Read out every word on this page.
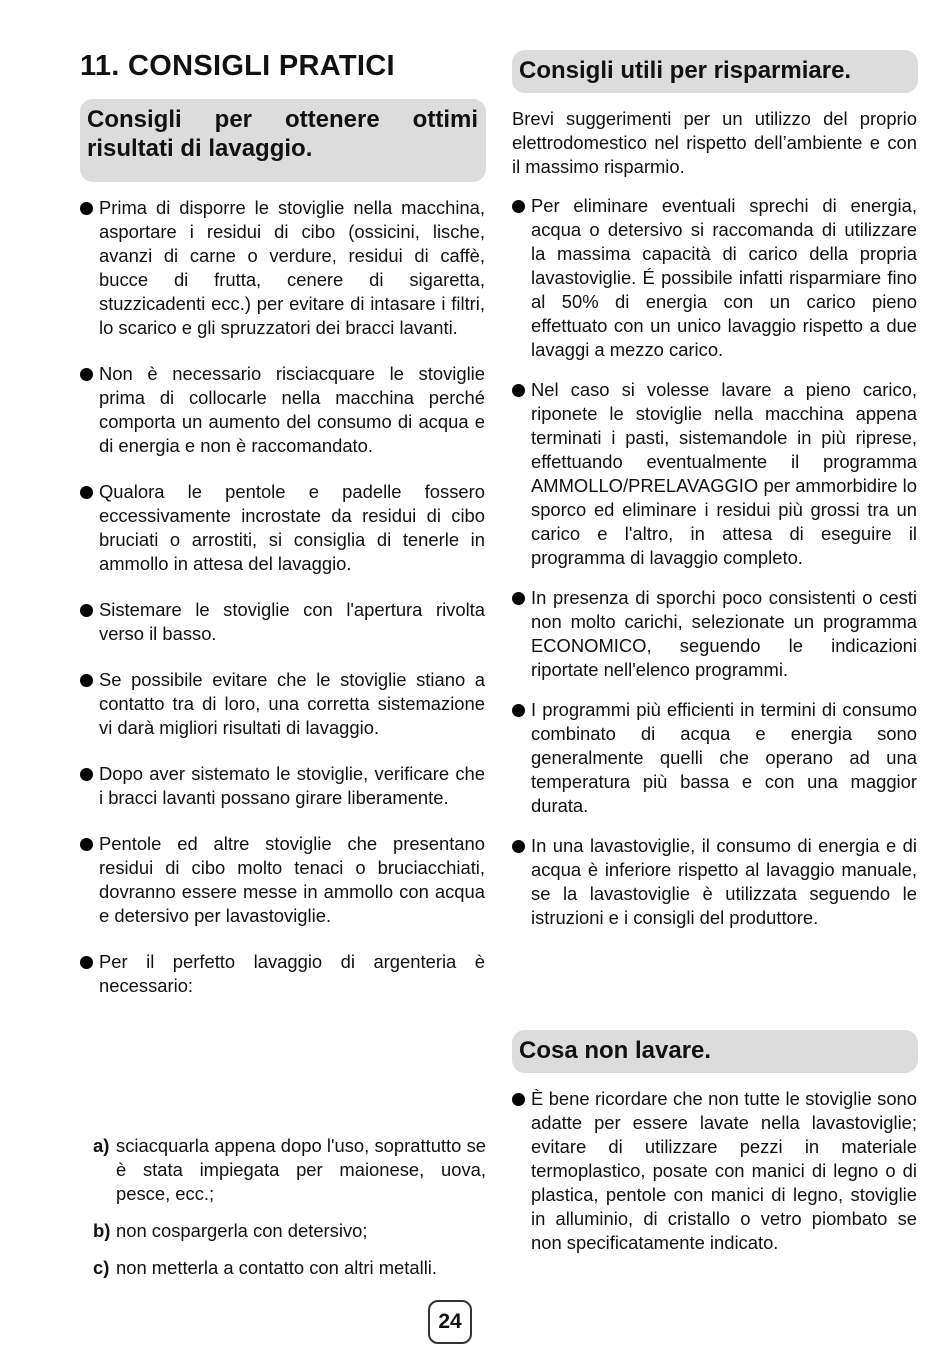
11. CONSIGLI PRATICI
Consigli per ottenere ottimi
risultati di lavaggio.
Prima di disporre le stoviglie nella macchina, asportare i residui di cibo (ossicini, lische, avanzi di carne o verdure, residui di caffè, bucce di frutta, cenere di sigaretta, stuzzicadenti ecc.) per evitare di intasare i filtri, lo scarico e gli spruzzatori dei bracci lavanti.
Non è necessario risciacquare le stoviglie prima di collocarle nella macchina perché comporta un aumento del consumo di acqua e di energia e non è raccomandato.
Qualora le pentole e padelle fossero eccessivamente incrostate da residui di cibo bruciati o arrostiti, si consiglia di tenerle in ammollo in attesa del lavaggio.
Sistemare le stoviglie con l'apertura rivolta verso il basso.
Se possibile evitare che le stoviglie stiano a contatto tra di loro, una corretta sistemazione vi darà migliori risultati di lavaggio.
Dopo aver sistemato le stoviglie, verificare che i bracci lavanti possano girare liberamente.
Pentole ed altre stoviglie che presentano residui di cibo molto tenaci o bruciacchiati, dovranno essere messe in ammollo con acqua e detersivo per lavastoviglie.
Per il perfetto lavaggio di argenteria è necessario:
a) sciacquarla appena dopo l'uso, soprattutto se è stata impiegata per maionese, uova, pesce, ecc.;
b) non cospargerla con detersivo;
c) non metterla a contatto con altri metalli.
Consigli utili per risparmiare.
Brevi suggerimenti per un utilizzo del proprio elettrodomestico nel rispetto dell’ambiente e con il massimo risparmio.
Per eliminare eventuali sprechi di energia, acqua o detersivo si raccomanda di utilizzare la massima capacità di carico della propria lavastoviglie. É possibile infatti risparmiare fino al 50% di energia con un carico pieno effettuato con un unico lavaggio rispetto a due lavaggi a mezzo carico.
Nel caso si volesse lavare a pieno carico, riponete le stoviglie nella macchina appena terminati i pasti, sistemandole in più riprese, effettuando eventualmente il programma AMMOLLO/PRELAVAGGIO per ammorbidire lo sporco ed eliminare i residui più grossi tra un carico e l'altro, in attesa di eseguire il programma di lavaggio completo.
In presenza di sporchi poco consistenti o cesti non molto carichi, selezionate un programma ECONOMICO, seguendo le indicazioni riportate nell'elenco programmi.
I programmi più efficienti in termini di consumo combinato di acqua e energia sono generalmente quelli che operano ad una temperatura più bassa e con una maggior durata.
In una lavastoviglie, il consumo di energia e di acqua è inferiore rispetto al lavaggio manuale, se la lavastoviglie è utilizzata seguendo le istruzioni e i consigli del produttore.
Cosa non lavare.
È bene ricordare che non tutte le stoviglie sono adatte per essere lavate nella lavastoviglie; evitare di utilizzare pezzi in materiale termoplastico, posate con manici di legno o di plastica, pentole con manici di legno, stoviglie in alluminio, di cristallo o vetro piombato se non specificatamente indicato.
24
